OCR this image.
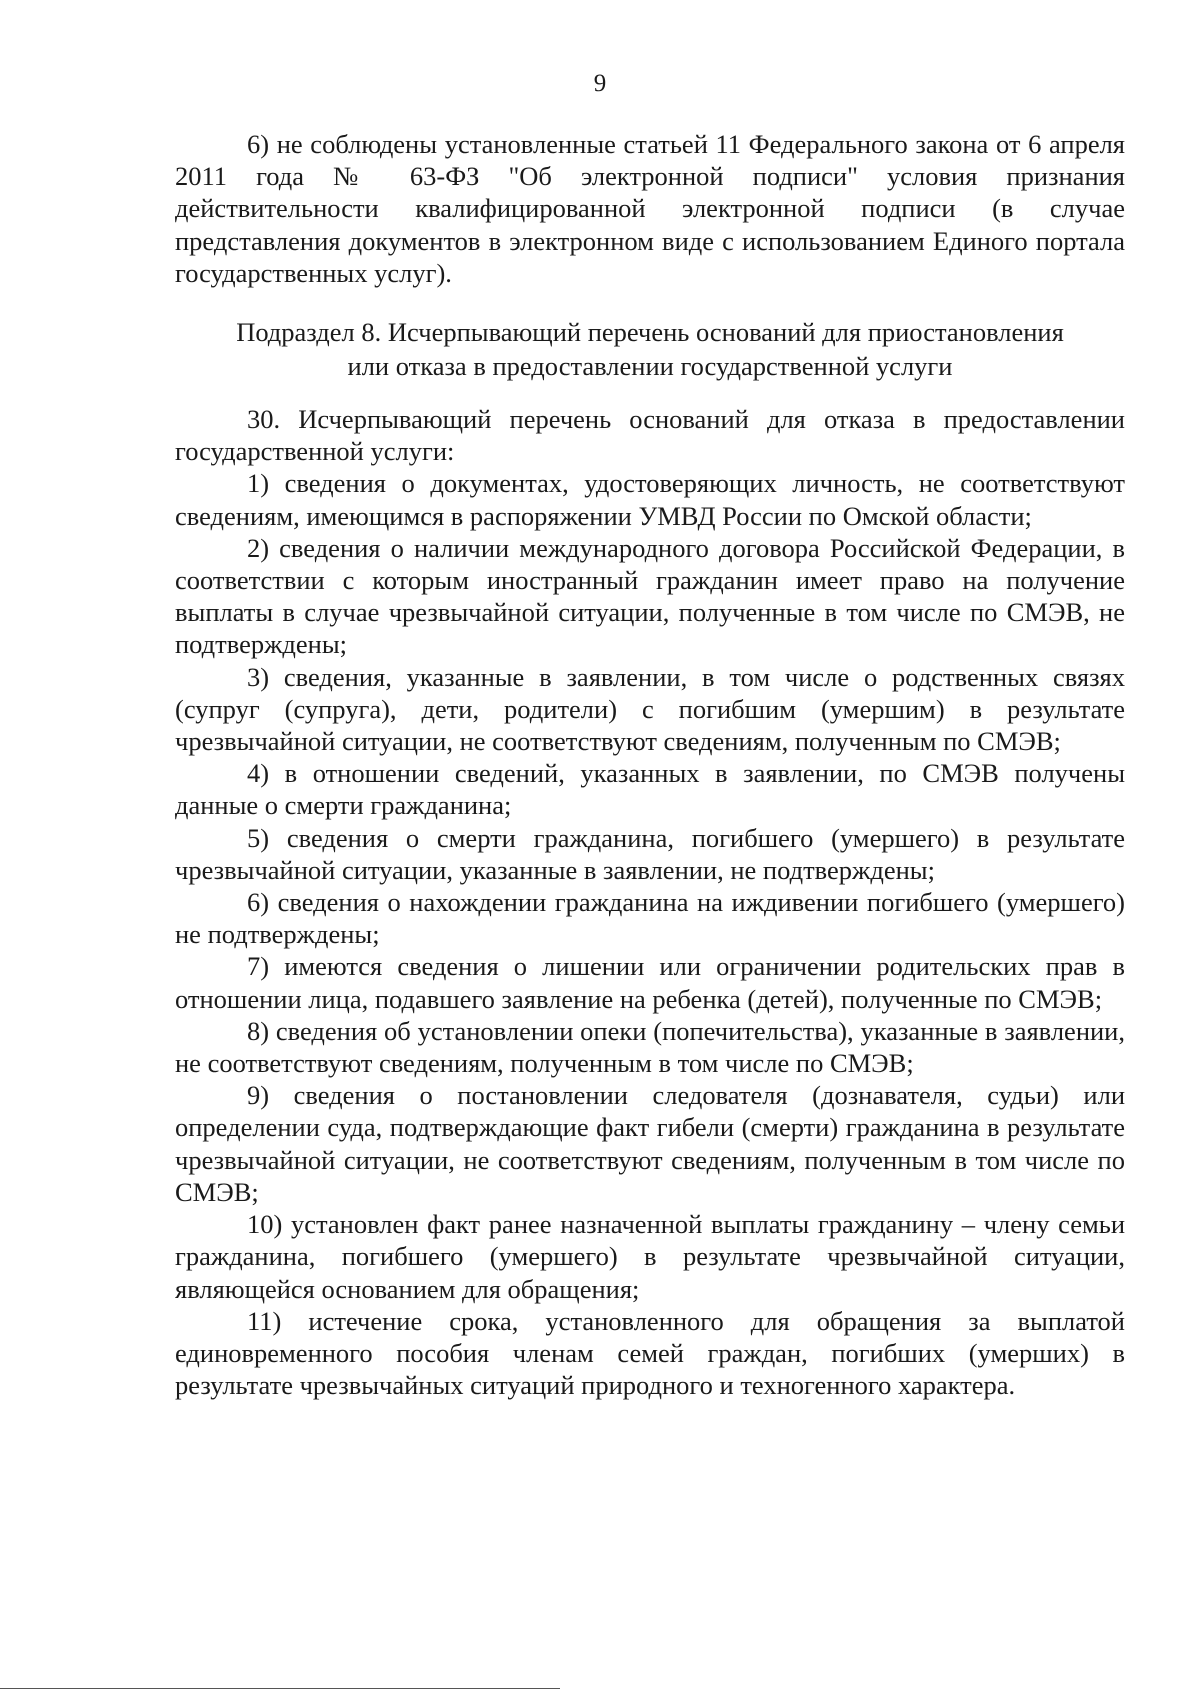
9

6) не соблюдены установленные статьей 11 Федерального закона от 6 апреля 2011 года № 63-ФЗ "Об электронной подписи" условия признания действительности квалифицированной электронной подписи (в случае представления документов в электронном виде с использованием Единого портала государственных услуг).

Подраздел 8. Исчерпывающий перечень оснований для приостановления
или отказа в предоставлении государственной услуги

30. Исчерпывающий перечень оснований для отказа в предоставлении государственной услуги:

1) сведения о документах, удостоверяющих личность, не соответствуют сведениям, имеющимся в распоряжении УМВД России по Омской области;

2) сведения о наличии международного договора Российской Федерации, в соответствии с которым иностранный гражданин имеет право на получение выплаты в случае чрезвычайной ситуации, полученные в том числе по СМЭВ, не подтверждены;

3) сведения, указанные в заявлении, в том числе о родственных связях (супруг (супруга), дети, родители) с погибшим (умершим) в результате чрезвычайной ситуации, не соответствуют сведениям, полученным по СМЭВ;

4) в отношении сведений, указанных в заявлении, по СМЭВ получены данные о смерти гражданина;

5) сведения о смерти гражданина, погибшего (умершего) в результате чрезвычайной ситуации, указанные в заявлении, не подтверждены;

6) сведения о нахождении гражданина на иждивении погибшего (умершего) не подтверждены;

7) имеются сведения о лишении или ограничении родительских прав в отношении лица, подавшего заявление на ребенка (детей), полученные по СМЭВ;

8) сведения об установлении опеки (попечительства), указанные в заявлении, не соответствуют сведениям, полученным в том числе по СМЭВ;

9) сведения о постановлении следователя (дознавателя, судьи) или определении суда, подтверждающие факт гибели (смерти) гражданина в результате чрезвычайной ситуации, не соответствуют сведениям, полученным в том числе по СМЭВ;

10) установлен факт ранее назначенной выплаты гражданину – члену семьи гражданина, погибшего (умершего) в результате чрезвычайной ситуации, являющейся основанием для обращения;

11) истечение срока, установленного для обращения за выплатой единовременного пособия членам семей граждан, погибших (умерших) в результате чрезвычайных ситуаций природного и техногенного характера.
